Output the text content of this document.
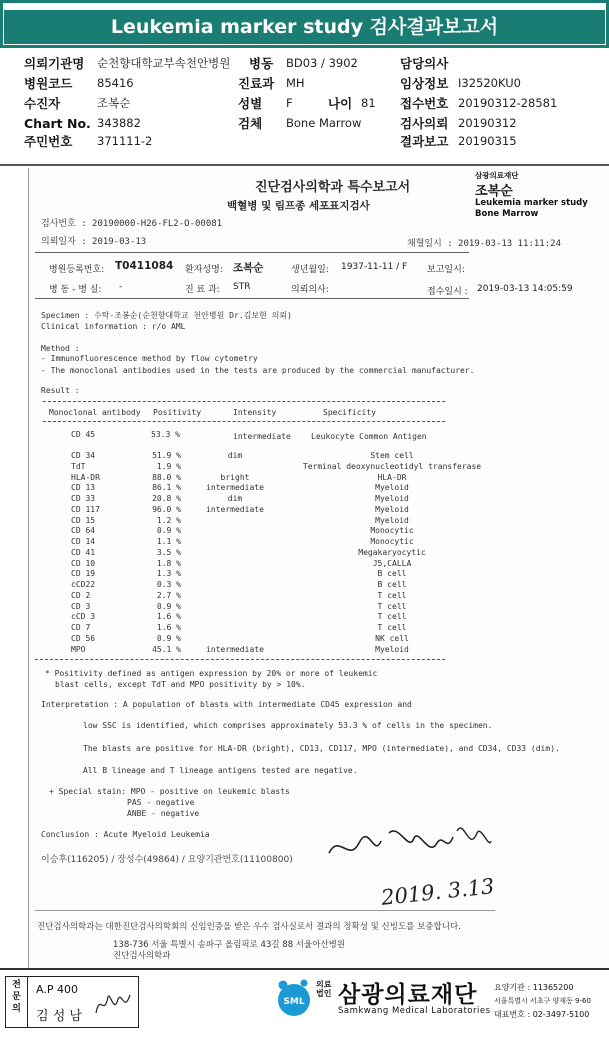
Leukemia marker study 검사결과보고서
의뢰기관명 순천향대학교부속천안병원 병동 BD03 / 3902	담당의사
병원코드 85416	진료과 MH	임상정보 I32520KU0
수진자	조복순	성별 F	나이 81 접수번호 20190312-28581
Chart No. 343882	검체 Bone Marrow	검사의뢰 20190312
주민번호 371111-2	결과보고 20190315
진단검사의학과 특수보고서
백혈병 및 림프종 세포표지검사
삼광의료재단
조복순
Leukemia marker study
Bone Marrow
검사번호 : 20190000-H26-FL2-O-00081
의뢰일자 : 2019-03-13	채혈일시 : 2019-03-13 11:11:24
병원등록번호: T0411084 환자성명: 조복순	생년월일: 1937-11-11 / F 보고일시:
병 동 - 병 실: -	진 료 과: STR	의뢰의사:	접수일시 : 2019-03-13 14:05:59
Specimen : 수탁-조봉순(순천향대학교 천안병원 Dr.김보현 의뢰)
Clinical information : r/o AML
Method :
- Immunofluorescence method by flow cytometry
- The monoclonal antibodies used in the tests are produced by the commercial manufacturer.
Result :
Monoclonal antibody Positivity	Intensity	Specificity
CD 45	53.3 %	intermediate	Leukocyte Common Antigen
CD 34	51.9 %	dim	Stem cell
TdT	1.9 %		Terminal deoxynucleotidyl transferase
HLA-DR	88.0 %	bright	HLA-DR
CD 13	86.1 %	intermediate	Myeloid
CD 33	20.8 %	dim	Myeloid
CD 117	96.0 %	intermediate	Myeloid
CD 15	1.2 %		Myeloid
CD 64	0.9 %		Monocytic
CD 14	1.1 %		Monocytic
CD 41	3.5 %		Megakaryocytic
CD 10	1.8 %		J5,CALLA
CD 19	1.3 %		B cell
cCD22	0.3 %		B cell
CD 2	2.7 %		T cell
CD 3	0.9 %		T cell
cCD 3	1.6 %		T cell
CD 7	1.6 %		T cell
CD 56	0.9 %		NK cell
MPO	45.1 %	intermediate	Myeloid
* Positivity defined as antigen expression by 20% or more of leukemic
blast cells, except TdT and MPO positivity by > 10%.
Interpretation : A population of blasts with intermediate CD45 expression and
low SSC is identified, which comprises approximately 53.3 % of cells in the specimen.
The blasts are positive for HLA-DR (bright), CD13, CD117, MPO (intermediate), and CD34, CD33 (dim).
All B lineage and T lineage antigens tested are negative.
+ Special stain: MPO - positive on leukemic blasts
PAS - negative
ANBE - negative
Conclusion : Acute Myeloid Leukemia
이승후(116205) / 장성수(49864) / 요양기관번호(11100800)
2019. 3.13
진단검사의학과는 대한진단검사의학회의 신임인증을 받은 우수 검사실로서 결과의 정확성 및 신빙도를 보증합니다.
138-736 서울 특별시 송파구 올림픽로 43길 88 서울아산병원
진단검사의학과
전
문
의
A.P 400
김 성 남
SML
의료
법인 삼광의료재단
Samkwang Medical Laboratories
요양기관 : 11365200
서울특별시 서초구 양재동 9-60
대표번호 : 02-3497-5100
